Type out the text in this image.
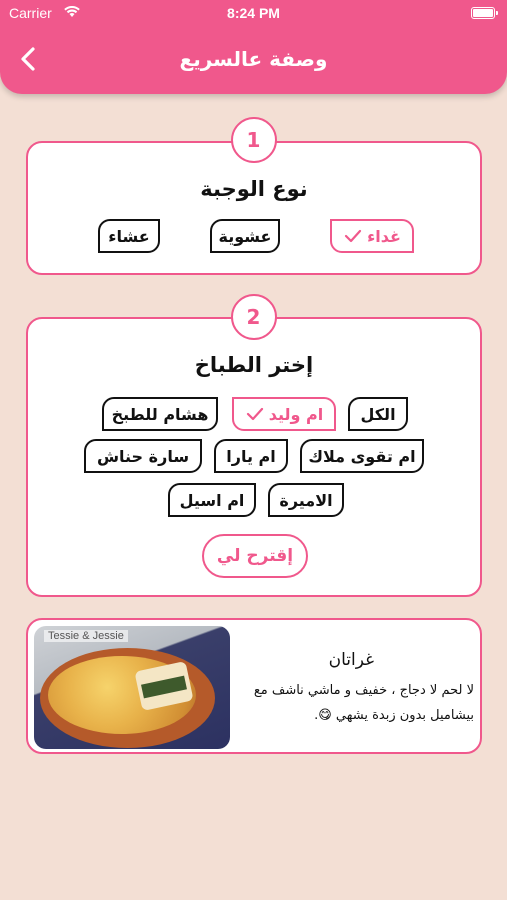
Carrier	8:24 PM
وصفة عالسريع
نوع الوجبة
غداء
عشوية
عشاء
1
إختر الطباخ
الكل
ام وليد
هشام للطبخ
ام تقوى ملاك
ام يارا
سارة حناش
الاميرة
ام اسيل
إقترح لي
2
Tessie & Jessie
غراتان
لا لحم لا دجاج ، خفيف و ماشي ناشف مع بيشاميل بدون زبدة يشهي 😋.
